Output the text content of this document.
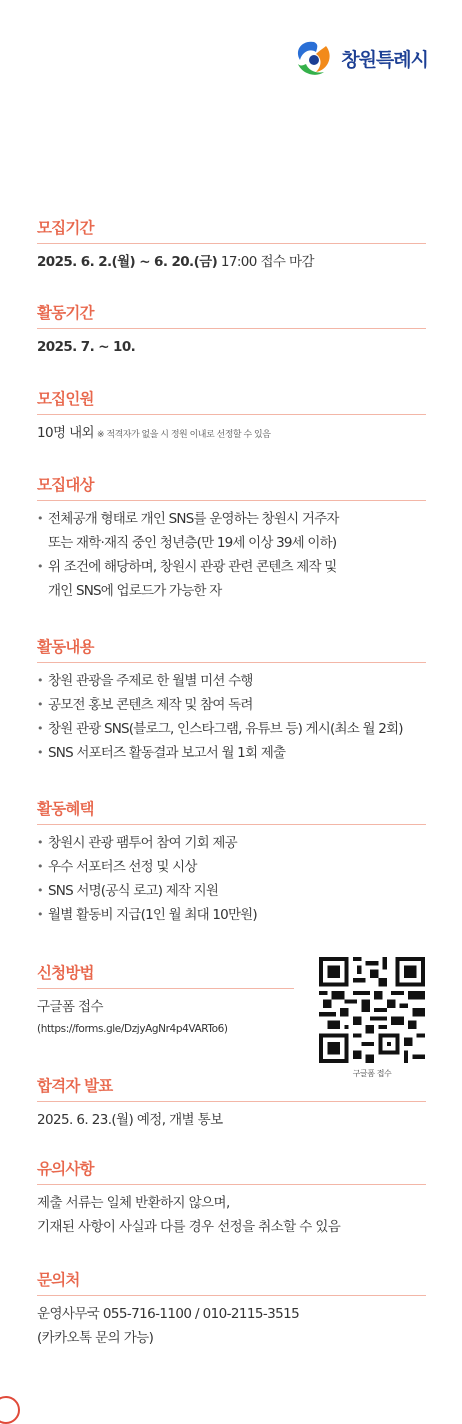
창원특례시
모집기간
2025. 6. 2.(월) ~ 6. 20.(금) 17:00 접수 마감
활동기간
2025. 7. ~ 10.
모집인원
10명 내외 ※ 적격자가 없을 시 정원 이내로 선정할 수 있음
모집대상
• 전체공개 형태로 개인 SNS를 운영하는 창원시 거주자
또는 재학·재직 중인 청년층(만 19세 이상 39세 이하)
• 위 조건에 해당하며, 창원시 관광 관련 콘텐츠 제작 및
개인 SNS에 업로드가 가능한 자
활동내용
• 창원 관광을 주제로 한 월별 미션 수행
• 공모전 홍보 콘텐츠 제작 및 참여 독려
• 창원 관광 SNS(블로그, 인스타그램, 유튜브 등) 게시(최소 월 2회)
• SNS 서포터즈 활동결과 보고서 월 1회 제출
활동혜택
• 창원시 관광 팸투어 참여 기회 제공
• 우수 서포터즈 선정 및 시상
• SNS 서명(공식 로고) 제작 지원
• 월별 활동비 지급(1인 월 최대 10만원)
신청방법
구글폼 접수
(https://forms.gle/DzjyAgNr4p4VARTo6)
구글폼 접수
합격자 발표
2025. 6. 23.(월) 예정, 개별 통보
유의사항
제출 서류는 일체 반환하지 않으며,
기재된 사항이 사실과 다를 경우 선정을 취소할 수 있음
문의처
운영사무국 055-716-1100 / 010-2115-3515
(카카오톡 문의 가능)
